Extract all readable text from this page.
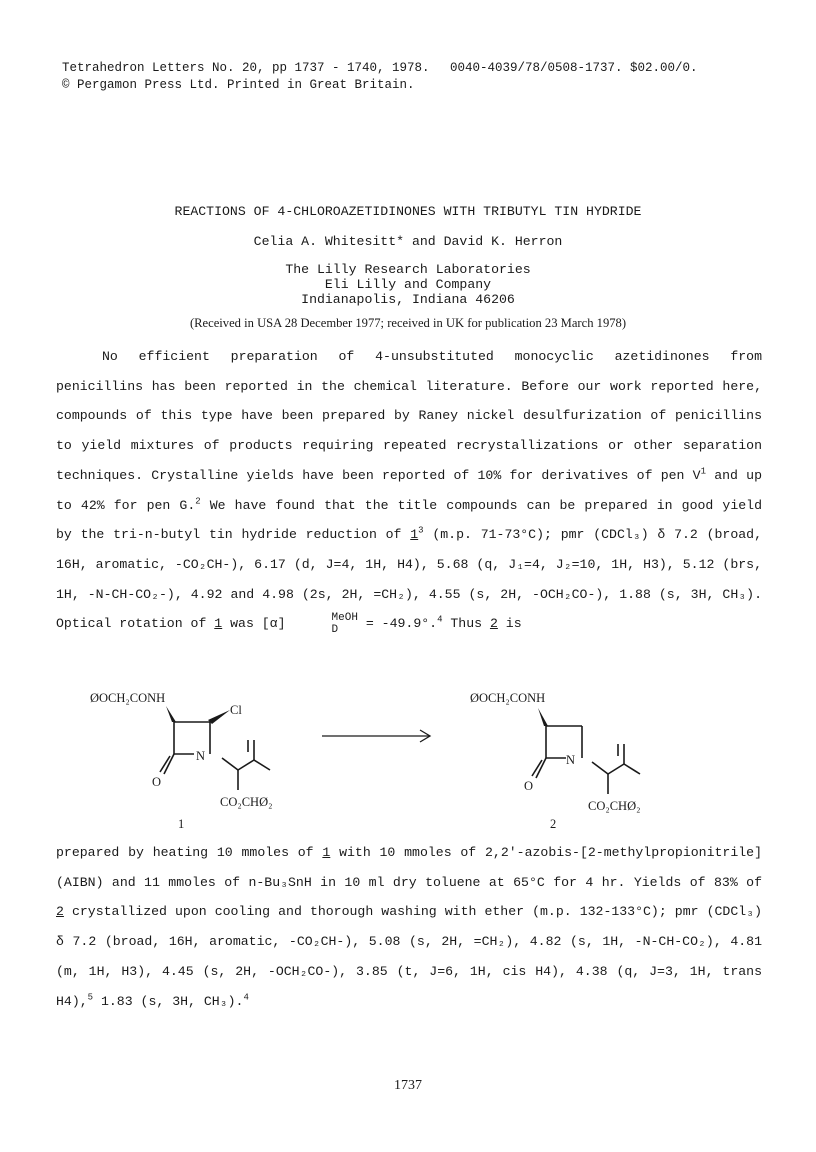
Tetrahedron Letters No. 20, pp 1737 - 1740, 1978.
© Pergamon Press Ltd. Printed in Great Britain.
0040-4039/78/0508-1737. $02.00/0.
REACTIONS OF 4-CHLOROAZETIDINONES WITH TRIBUTYL TIN HYDRIDE
Celia A. Whitesitt* and David K. Herron
The Lilly Research Laboratories
Eli Lilly and Company
Indianapolis, Indiana 46206
(Received in USA 28 December 1977; received in UK for publication 23 March 1978)

No efficient preparation of 4-unsubstituted monocyclic azetidinones from penicillins has been reported in the chemical literature. Before our work reported here, compounds of this type have been prepared by Raney nickel desulfurization of penicillins to yield mixtures of products requiring repeated recrystallizations or other separation techniques. Crystalline yields have been reported of 10% for derivatives of pen $V^1$ and up to 42% for pen G.$^2$ We have found that the title compounds can be prepared in good yield by the tri-n-butyl tin hydride reduction of $1^3$ (m.p. 71-73°C); pmr (CDCl₃) δ 7.2 (broad, 16H, aromatic, -CO₂CH-), 6.17 (d, J=4, 1H, H4), 5.68 (q, J₁=4, J₂=10, 1H, H3), 5.12 (brs, 1H, -N-CH-CO₂-), 4.92 and 4.98 (2s, 2H, =CH₂), 4.55 (s, 2H, -OCH₂CO-), 1.88 (s, 3H, CH₃). Optical rotation of 1 was [α]	MeOH
D	= -49.9°.$^4$ Thus 2 is

ØOCH₂CONH
Cl
N
O
CO₂CHØ₂
1
ØOCH₂CONH
N
O
CO₂CHØ₂
2

prepared by heating 10 mmoles of 1 with 10 mmoles of 2,2'-azobis-[2-methylpropionitrile] (AIBN) and 11 mmoles of n-Bu₃SnH in 10 ml dry toluene at 65°C for 4 hr. Yields of 83% of 2 crystallized upon cooling and thorough washing with ether (m.p. 132-133°C); pmr (CDCl₃) δ 7.2 (broad, 16H, aromatic, -CO₂CH-), 5.08 (s, 2H, =CH₂), 4.82 (s, 1H, -N-CH-CO₂), 4.81 (m, 1H, H3), 4.45 (s, 2H, -OCH₂CO-), 3.85 (t, J=6, 1H, cis H4), 4.38 (q, J=3, 1H, trans H4),$^5$ 1.83 (s, 3H, CH₃).$^4$

1737
